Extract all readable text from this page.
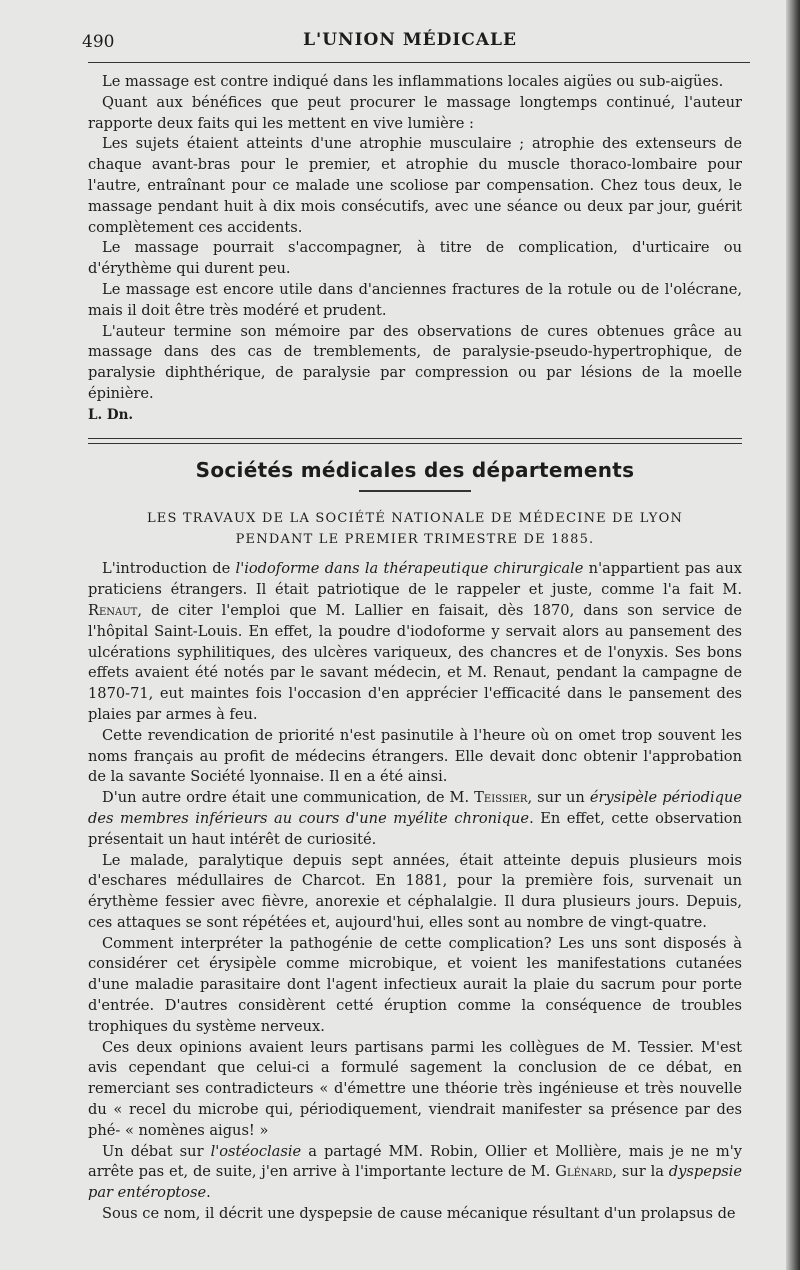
490	L'UNION MÉDICALE

Le massage est contre indiqué dans les inflammations locales aigües ou sub-aigües.

Quant aux bénéfices que peut procurer le massage longtemps continué, l'auteur rapporte deux faits qui les mettent en vive lumière :

Les sujets étaient atteints d'une atrophie musculaire ; atrophie des extenseurs de chaque avant-bras pour le premier, et atrophie du muscle thoraco-lombaire pour l'autre, entraînant pour ce malade une scoliose par compensation. Chez tous deux, le massage pendant huit à dix mois consécutifs, avec une séance ou deux par jour, guérit complètement ces accidents.

Le massage pourrait s'accompagner, à titre de complication, d'urticaire ou d'érythème qui durent peu.

Le massage est encore utile dans d'anciennes fractures de la rotule ou de l'olécrane, mais il doit être très modéré et prudent.

L'auteur termine son mémoire par des observations de cures obtenues grâce au massage dans des cas de tremblements, de paralysie-pseudo-hypertrophique, de paralysie diphthérique, de paralysie par compression ou par lésions de la moelle épinière.

L. Dn.

Sociétés médicales des départements
LES TRAVAUX DE LA SOCIÉTÉ NATIONALE DE MÉDECINE DE LYON
PENDANT LE PREMIER TRIMESTRE DE 1885.

L'introduction de l'iodoforme dans la thérapeutique chirurgicale n'appartient pas aux praticiens étrangers. Il était patriotique de le rappeler et juste, comme l'a fait M. Renaut, de citer l'emploi que M. Lallier en faisait, dès 1870, dans son service de l'hôpital Saint-Louis. En effet, la poudre d'iodoforme y servait alors au pansement des ulcérations syphilitiques, des ulcères variqueux, des chancres et de l'onyxis. Ses bons effets avaient été notés par le savant médecin, et M. Renaut, pendant la campagne de 1870-71, eut maintes fois l'occasion d'en apprécier l'efficacité dans le pansement des plaies par armes à feu.

Cette revendication de priorité n'est pasinutile à l'heure où on omet trop souvent les noms français au profit de médecins étrangers. Elle devait donc obtenir l'approbation de la savante Société lyonnaise. Il en a été ainsi.

D'un autre ordre était une communication, de M. Teissier, sur un érysipèle périodique des membres inférieurs au cours d'une myélite chronique. En effet, cette observation présentait un haut intérêt de curiosité.

Le malade, paralytique depuis sept années, était atteinte depuis plusieurs mois d'eschares médullaires de Charcot. En 1881, pour la première fois, survenait un érythème fessier avec fièvre, anorexie et céphalalgie. Il dura plusieurs jours. Depuis, ces attaques se sont répétées et, aujourd'hui, elles sont au nombre de vingt-quatre.

Comment interpréter la pathogénie de cette complication? Les uns sont disposés à considérer cet érysipèle comme microbique, et voient les manifestations cutanées d'une maladie parasitaire dont l'agent infectieux aurait la plaie du sacrum pour porte d'entrée. D'autres considèrent cetté éruption comme la conséquence de troubles trophiques du système nerveux.

Ces deux opinions avaient leurs partisans parmi les collègues de M. Tessier. M'est avis cependant que celui-ci a formulé sagement la conclusion de ce débat, en remerciant ses contradicteurs « d'émettre une théorie très ingénieuse et très nouvelle du « recel du microbe qui, périodiquement, viendrait manifester sa présence par des phé- « nomènes aigus! »

Un débat sur l'ostéoclasie a partagé MM. Robin, Ollier et Mollière, mais je ne m'y arrête pas et, de suite, j'en arrive à l'importante lecture de M. Glénard, sur la dyspepsie par entéroptose.

Sous ce nom, il décrit une dyspepsie de cause mécanique résultant d'un prolapsus de
